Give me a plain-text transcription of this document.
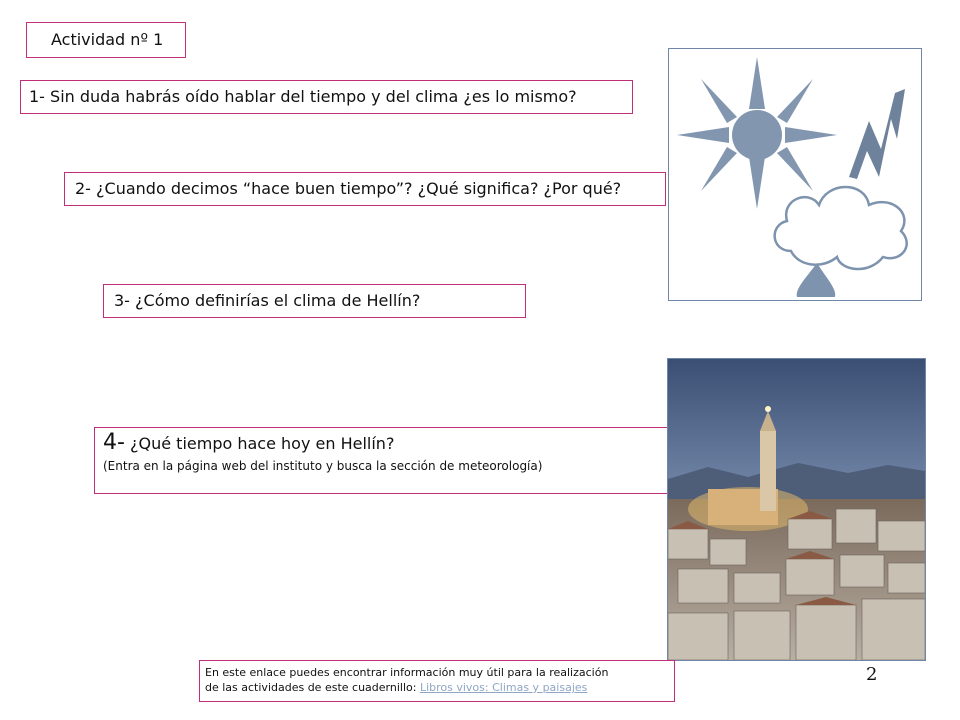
Actividad nº 1
1- Sin duda habrás oído hablar del tiempo y del clima ¿es lo mismo?
2- ¿Cuando decimos “hace buen tiempo”? ¿Qué significa? ¿Por qué?
3- ¿Cómo definirías el clima de Hellín?
4- ¿Qué tiempo hace hoy en Hellín?
(Entra en la página web del instituto y busca la sección de meteorología)
En este enlace puedes encontrar información muy útil para la realización
de las actividades de este cuadernillo: Libros vivos: Climas y paisajes
2
